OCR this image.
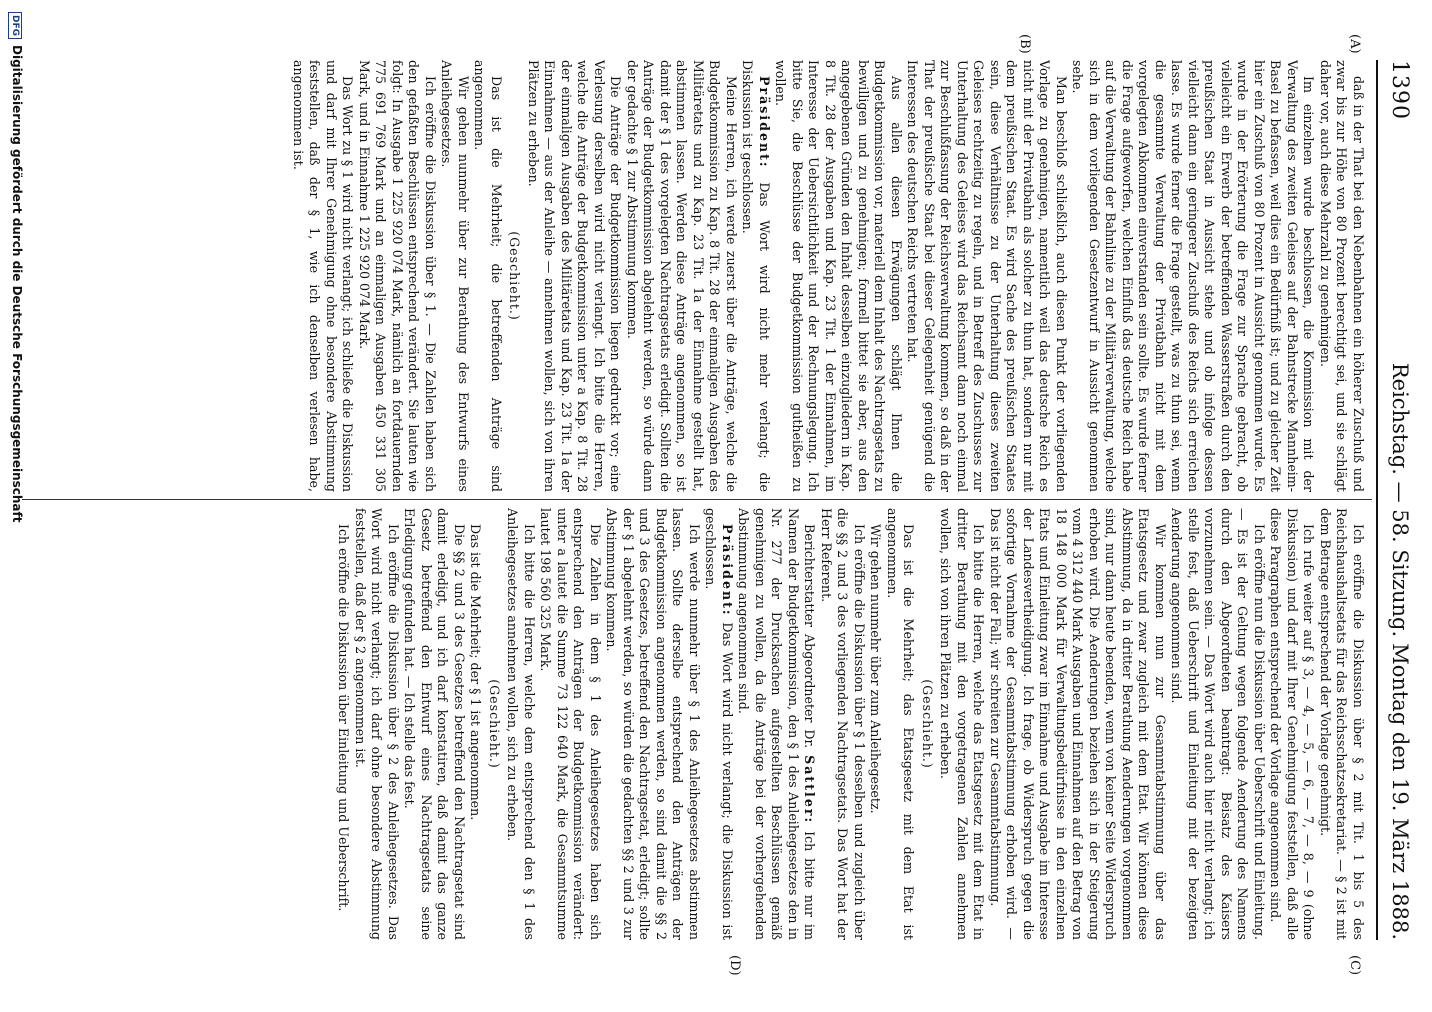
1390
Reichstag. — 58. Sitzung.
Montag den 19. März 1888.
(A)
(B)
(C)
(D)

daß in der That bei den Nebenbahnen ein höherer Zuschuß und zwar bis zur Höhe von 80 Prozent berechtigt sei, und sie schlägt daher vor, auch diese Mehrzahl zu genehmigen.

Im einzelnen wurde beschlossen, die Kommission mit der Verwaltung des zweiten Geleises auf der Bahnstrecke Mannheim-Basel zu befassen, weil dies ein Bedürfniß ist; und zu gleicher Zeit hier ein Zuschuß von 80 Prozent in Aussicht genommen wurde. Es wurde in der Erörterung die Frage zur Sprache gebracht, ob vielleicht ein Erwerb der betreffenden Wasserstraßen durch den preußischen Staat in Aussicht stehe und ob infolge dessen vielleicht dann ein geringerer Zuschuß des Reichs sich erreichen lasse. Es wurde ferner die Frage gestellt, was zu thun sei, wenn die gesammte Verwaltung der Privatbahn nicht mit dem vorgelegten Abkommen einverstanden sein sollte. Es wurde ferner die Frage aufgeworfen, welchen Einfluß das deutsche Reich habe auf die Verwaltung der Bahnlinie zu der Militärverwaltung, welche sich in dem vorliegenden Gesetzentwurf in Aussicht genommen sehe.

Man beschloß schließlich, auch diesen Punkt der vorliegenden Vorlage zu genehmigen, namentlich weil das deutsche Reich es nicht mit der Privatbahn als solcher zu thun hat, sondern nur mit dem preußischen Staat. Es wird Sache des preußischen Staates sein, diese Verhältnisse zu der Unterhaltung dieses zweiten Geleises rechtzeitig zu regeln, und in Betreff des Zuschusses zur Unterhaltung des Geleises wird das Reichsamt dann noch einmal zur Beschlußfassung der Reichsverwaltung kommen, so daß in der That der preußische Staat bei dieser Gelegenheit genügend die Interessen des deutschen Reichs vertreten hat.

Aus allen diesen Erwägungen schlägt Ihnen die Budgetkommission vor, materiell dem Inhalt des Nachtragsetats zu bewilligen und zu genehmigen; formell bittet sie aber, aus den angegebenen Gründen den Inhalt desselben einzugliedern in Kap. 8 Tit. 28 der Ausgaben und Kap. 23 Tit. 1 der Einnahmen, im Interesse der Uebersichtlichkeit und der Rechnungslegung. Ich bitte Sie, die Beschlüsse der Budgetkommission gutheißen zu wollen.

Präsident: Das Wort wird nicht mehr verlangt; die Diskussion ist geschlossen.

Meine Herren, ich werde zuerst über die Anträge, welche die Budgetkommission zu Kap. 8 Tit. 28 der einmaligen Ausgaben des Militäretats und zu Kap. 23 Tit. 1a der Einnahme gestellt hat, abstimmen lassen. Werden diese Anträge angenommen, so ist damit der § 1 des vorgelegten Nachtragsetats erledigt. Sollten die Anträge der Budgetkommission abgelehnt werden, so würde dann der gedachte § 1 zur Abstimmung kommen.

Die Anträge der Budgetkommission liegen gedruckt vor; eine Verlesung derselben wird nicht verlangt. Ich bitte die Herren, welche die Anträge der Budgetkommission unter a Kap. 8 Tit. 28 der einmaligen Ausgaben des Militäretats und Kap. 23 Tit. 1a der Einnahmen — aus der Anleihe — annehmen wollen, sich von ihren Plätzen zu erheben.

(Geschieht.)

Das ist die Mehrheit; die betreffenden Anträge sind angenommen.

Wir gehen nunmehr über zur Berathung des Entwurfs eines Anleihegesetzes.

Ich eröffne die Diskussion über § 1. — Die Zahlen haben sich den gefaßten Beschlüssen entsprechend verändert. Sie lauten wie folgt: In Ausgabe 1 225 920 074 Mark, nämlich an fortdauernden 775 691 769 Mark und an einmaligen Ausgaben 450 331 305 Mark, und in Einnahme 1 225 920 074 Mark.

Das Wort zu § 1 wird nicht verlangt; ich schließe die Diskussion und darf mit Ihrer Genehmigung ohne besondere Abstimmung feststellen, daß der § 1, wie ich denselben verlesen habe, angenommen ist.

Ich eröffne die Diskussion über § 2 mit Tit. 1 bis 5 des Reichshaushaltsetats für das Reichsschatzsekretariat. — § 2 ist mit dem Betrage entsprechend der Vorlage genehmigt.

Ich rufe weiter auf § 3, — 4, — 5, — 6, — 7, — 8, — 9 (ohne Diskussion) und darf mit Ihrer Genehmigung feststellen, daß alle diese Paragraphen entsprechend der Vorlage angenommen sind.

Ich eröffne nun die Diskussion über Ueberschrift und Einleitung. — Es ist der Geltung wegen folgende Aenderung des Namens durch den Abgeordneten beantragt: Beisatz des Kaisers vorzunehmen sein. — Das Wort wird auch hier nicht verlangt; ich stelle fest, daß Ueberschrift und Einleitung mit der bezeigten Aenderung angenommen sind.

Wir kommen nun zur Gesammtabstimmung über das Etatsgesetz und zwar zugleich mit dem Etat. Wir können diese Abstimmung, da in dritter Berathung Aenderungen vorgenommen sind, nur dann heute beenden, wenn von keiner Seite Widerspruch erhoben wird. Die Aenderungen beziehen sich in der Steigerung vom 4 312 440 Mark Ausgaben und Einnahmen auf den Betrag von 18 148 000 Mark für Verwaltungsbedürfnisse in den einzelnen Etats und Einleitung zwar im Einnahme und Ausgabe im Interesse der Landesvertheidigung. Ich frage, ob Widerspruch gegen die sofortige Vornahme der Gesammtabstimmung erhoben wird. — Das ist nicht der Fall; wir schreiten zur Gesammtabstimmung.

Ich bitte die Herren, welche das Etatsgesetz mit dem Etat in dritter Berathung mit den vorgetragenen Zahlen annehmen wollen, sich von ihren Plätzen zu erheben.

(Geschieht.)

Das ist die Mehrheit; das Etatsgesetz mit dem Etat ist angenommen.

Wir gehen nunmehr über zum Anleihegesetz.

Ich eröffne die Diskussion über § 1 desselben und zugleich über die §§ 2 und 3 des vorliegenden Nachtragsetats. Das Wort hat der Herr Referent.

Berichterstatter Abgeordneter Dr. Sattler: Ich bitte nur im Namen der Budgetkommission, den § 1 des Anleihegesetzes den in Nr. 277 der Drucksachen aufgestellten Beschlüssen gemäß genehmigen zu wollen, da die Anträge bei der vorhergehenden Abstimmung angenommen sind.

Präsident: Das Wort wird nicht verlangt; die Diskussion ist geschlossen.

Ich werde nunmehr über § 1 des Anleihegesetzes abstimmen lassen. Sollte derselbe entsprechend den Anträgen der Budgetkommission angenommen werden, so sind damit die §§ 2 und 3 des Gesetzes, betreffend den Nachtragsetat, erledigt; sollte der § 1 abgelehnt werden, so würden die gedachten §§ 2 und 3 zur Abstimmung kommen.

Die Zahlen in dem § 1 des Anleihegesetzes haben sich entsprechend den Anträgen der Budgetkommission verändert: unter a lautet die Summe 73 122 640 Mark, die Gesammtsumme lautet 198 560 325 Mark.

Ich bitte die Herren, welche dem entsprechend den § 1 des Anleihegesetzes annehmen wollen, sich zu erheben.

(Geschieht.)

Das ist die Mehrheit; der § 1 ist angenommen.

Die §§ 2 und 3 des Gesetzes betreffend den Nachtragsetat sind damit erledigt, und ich darf konstatiren, daß damit das ganze Gesetz betreffend den Entwurf eines Nachtragsetats seine Erledigung gefunden hat. — Ich stelle das fest.

Ich eröffne die Diskussion über § 2 des Anleihegesetzes. Das Wort wird nicht verlangt; ich darf ohne besondere Abstimmung feststellen, daß der § 2 angenommen ist.

Ich eröffne die Diskussion über Einleitung und Ueberschrift.

DFGDigitalisierung gefördert durch die Deutsche Forschungsgemeinschaft
